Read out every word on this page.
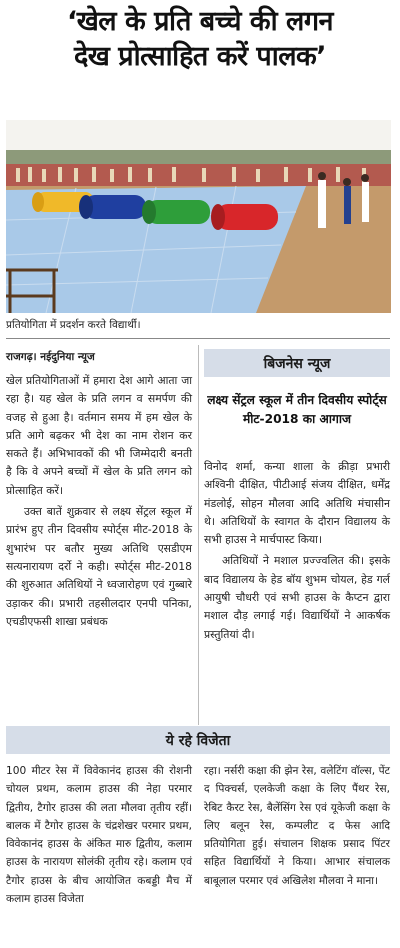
‘खेल के प्रति बच्चे की लगन
देख प्रोत्साहित करें पालक’
प्रतियोगिता में प्रदर्शन करते विद्यार्थी।
राजगढ़। नईदुनिया न्यूज

खेल प्रतियोगिताओं में हमारा देश आगे आता जा रहा है। यह खेल के प्रति लगन व समर्पण की वजह से हुआ है। वर्तमान समय में हम खेल के प्रति आगे बढ़कर भी देश का नाम रोशन कर सकते हैं। अभिभावकों की भी जिम्मेदारी बनती है कि वे अपने बच्चों में खेल के प्रति लगन को प्रोत्साहित करें।

उक्त बातें शुक्रवार से लक्ष्य सेंट्रल स्कूल में प्रारंभ हुए तीन दिवसीय स्पोर्ट्स मीट-2018 के शुभारंभ पर बतौर मुख्य अतिथि एसडीएम सत्यनारायण दर्रो ने कही। स्पोर्ट्स मीट-2018 की शुरुआत अतिथियों ने ध्वजारोहण एवं गुब्बारे उड़ाकर की। प्रभारी तहसीलदार एनपी पनिका, एचडीएफसी शाखा प्रबंधक

बिजनेस न्यूज
लक्ष्य सेंट्रल स्कूल में तीन दिवसीय स्पोर्ट्स मीट-2018 का आगाज

विनोद शर्मा, कन्या शाला के क्रीड़ा प्रभारी अश्विनी दीक्षित, पीटीआई संजय दीक्षित, धर्मेंद्र मंडलोई, सोहन मौलवा आदि अतिथि मंचासीन थे। अतिथियों के स्वागत के दौरान विद्यालय के सभी हाउस ने मार्चपास्ट किया।

अतिथियों ने मशाल प्रज्ज्वलित की। इसके बाद विद्यालय के हेड बॉय शुभम चोयल, हेड गर्ल आयुषी चौधरी एवं सभी हाउस के कैप्टन द्वारा मशाल दौड़ लगाई गई। विद्यार्थियों ने आकर्षक प्रस्तुतियां दी।

ये रहे विजेता

100 मीटर रेस में विवेकानंद हाउस की रोशनी चोयल प्रथम, कलाम हाउस की नेहा परमार द्वितीय, टैगोर हाउस की लता मौलवा तृतीय रहीं। बालक में टैगोर हाउस के चंद्रशेखर परमार प्रथम, विवेकानंद हाउस के अंकित मारु द्वितीय, कलाम हाउस के नारायण सोलंकी तृतीय रहे। कलाम एवं टैगोर हाउस के बीच आयोजित कबड्डी मैच में कलाम हाउस विजेता

रहा। नर्सरी कक्षा की झेन रेस, वलेटिंग वॉल्स, पेंट द पिक्चर्स, एलकेजी कक्षा के लिए पैंथर रेस, रेबिट कैरट रेस, बैलेंसिंग रेस एवं यूकेजी कक्षा के लिए बलून रेस, कम्पलीट द फेस आदि प्रतियोगिता हुई। संचालन शिक्षक प्रसाद पिंटर सहित विद्यार्थियों ने किया। आभार संचालक बाबूलाल परमार एवं अखिलेश मौलवा ने माना।
